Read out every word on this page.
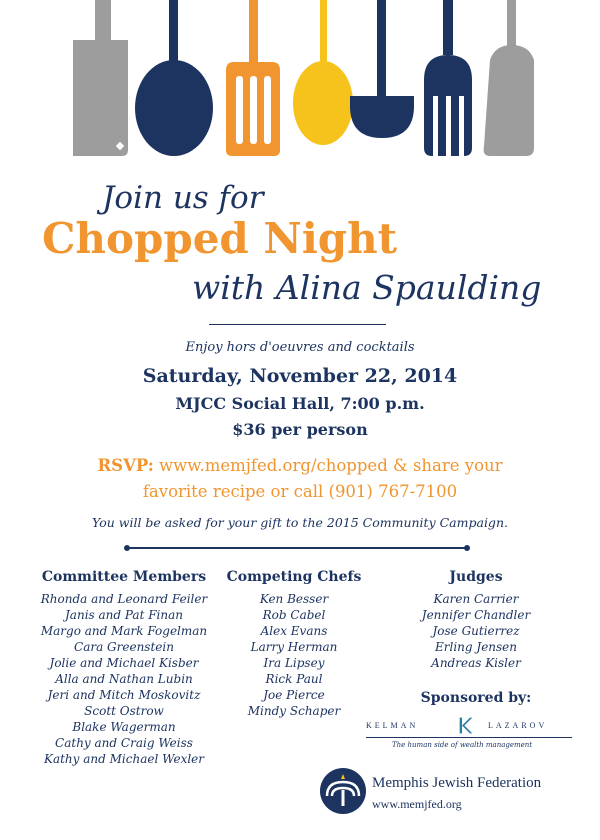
Join us for
Chopped Night
with Alina Spaulding
Enjoy hors d'oeuvres and cocktails
Saturday, November 22, 2014
MJCC Social Hall, 7:00 p.m.
$36 per person
RSVP: www.memjfed.org/chopped & share your
favorite recipe or call (901) 767-7100
You will be asked for your gift to the 2015 Community Campaign.
Committee Members
Rhonda and Leonard Feiler
Janis and Pat Finan
Margo and Mark Fogelman
Cara Greenstein
Jolie and Michael Kisber
Alla and Nathan Lubin
Jeri and Mitch Moskovitz
Scott Ostrow
Blake Wagerman
Cathy and Craig Weiss
Kathy and Michael Wexler
Competing Chefs
Ken Besser
Rob Cabel
Alex Evans
Larry Herman
Ira Lipsey
Rick Paul
Joe Pierce
Mindy Schaper
Judges
Karen Carrier
Jennifer Chandler
Jose Gutierrez
Erling Jensen
Andreas Kisler
Sponsored by:
KELMAN	LAZAROV
The human side of wealth management
Memphis Jewish Federation
www.memjfed.org
